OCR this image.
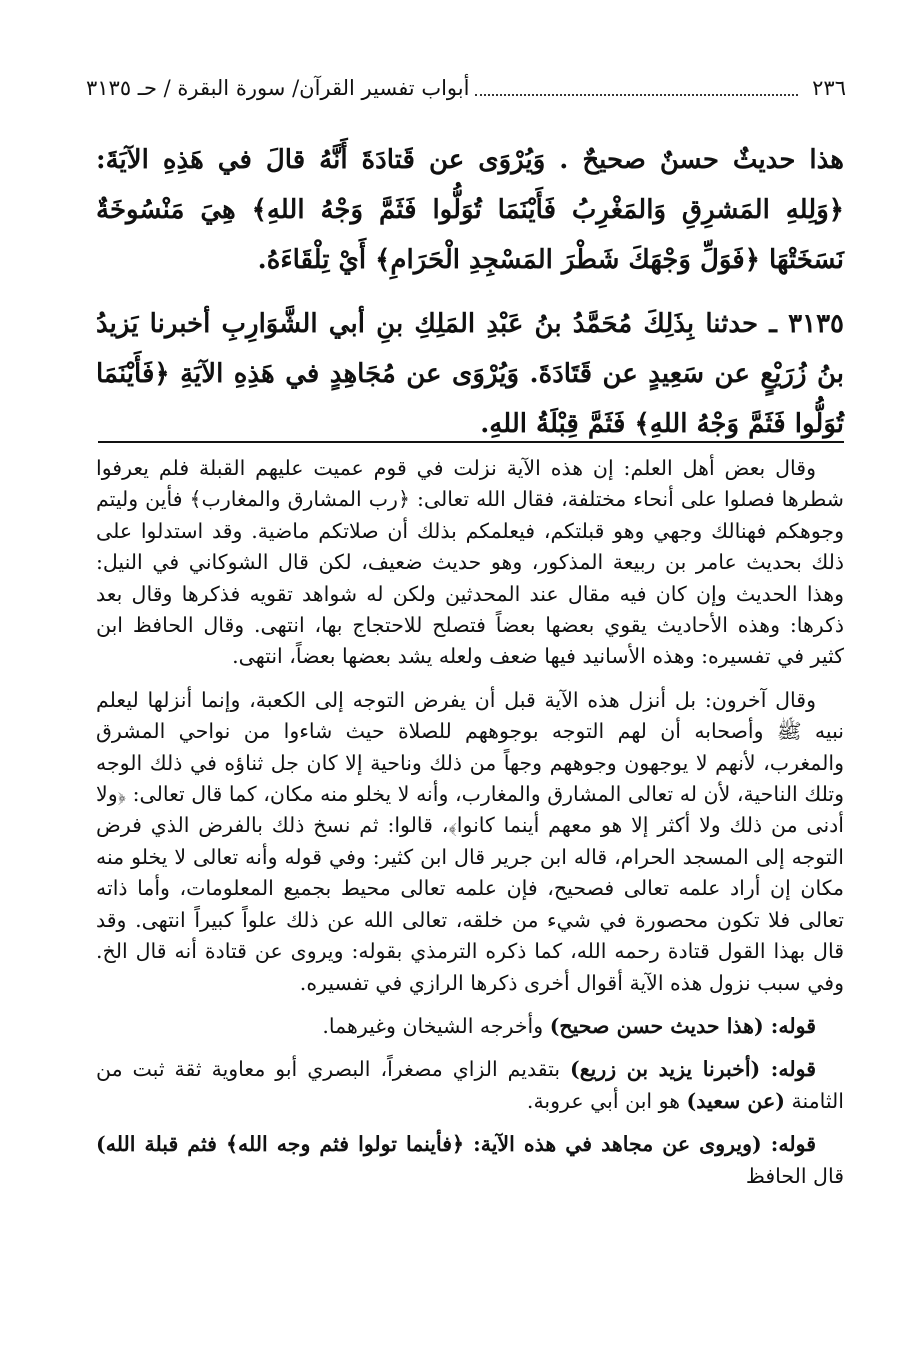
٢٣٦
أبواب تفسير القرآن/ سورة البقرة / حـ ٣١٣٥

هذا حديثٌ حسنٌ صحيحٌ . وَيُرْوَى عن قَتادَةَ أَنَّهُ قالَ في هَذِهِ الآيَةَ: ﴿وَلِلهِ المَشرِقِ وَالمَغْرِبُ فَأَيْنَمَا تُوَلُّوا فَثَمَّ وَجْهُ اللهِ﴾ هِيَ مَنْسُوخَةٌ نَسَخَتْهَا ﴿فَوَلِّ وَجْهَكَ شَطْرَ المَسْجِدِ الْحَرَامِ﴾ أَيْ تِلْقَاءَهُ.

٣١٣٥ ـ حدثنا بِذَلِكَ مُحَمَّدُ بنُ عَبْدِ المَلِكِ بنِ أبي الشَّوَارِبِ أخبرنا يَزيدُ بنُ زُرَيْعٍ عن سَعِيدٍ عن قَتَادَةَ. وَيُرْوَى عن مُجَاهِدٍ في هَذِهِ الآيَةِ ﴿فَأَيْنَمَا تُوَلُّوا فَثَمَّ وَجْهُ اللهِ﴾ فَثَمَّ قِبْلَةُ اللهِ.

وقال بعض أهل العلم: إن هذه الآية نزلت في قوم عميت عليهم القبلة فلم يعرفوا شطرها فصلوا على أنحاء مختلفة، فقال الله تعالى: ﴿رب المشارق والمغارب﴾ فأين وليتم وجوهكم فهنالك وجهي وهو قبلتكم، فيعلمكم بذلك أن صلاتكم ماضية. وقد استدلوا على ذلك بحديث عامر بن ربيعة المذكور، وهو حديث ضعيف، لكن قال الشوكاني في النيل: وهذا الحديث وإن كان فيه مقال عند المحدثين ولكن له شواهد تقويه فذكرها وقال بعد ذكرها: وهذه الأحاديث يقوي بعضها بعضاً فتصلح للاحتجاج بها، انتهى. وقال الحافظ ابن كثير في تفسيره: وهذه الأسانيد فيها ضعف ولعله يشد بعضها بعضاً، انتهى.

وقال آخرون: بل أنزل هذه الآية قبل أن يفرض التوجه إلى الكعبة، وإنما أنزلها ليعلم نبيه ﷺ وأصحابه أن لهم التوجه بوجوههم للصلاة حيث شاءوا من نواحي المشرق والمغرب، لأنهم لا يوجهون وجوههم وجهاً من ذلك وناحية إلا كان جل ثناؤه في ذلك الوجه وتلك الناحية، لأن له تعالى المشارق والمغارب، وأنه لا يخلو منه مكان، كما قال تعالى: ﴿ولا أدنى من ذلك ولا أكثر إلا هو معهم أينما كانوا﴾، قالوا: ثم نسخ ذلك بالفرض الذي فرض التوجه إلى المسجد الحرام، قاله ابن جرير قال ابن كثير: وفي قوله وأنه تعالى لا يخلو منه مكان إن أراد علمه تعالى فصحيح، فإن علمه تعالى محيط بجميع المعلومات، وأما ذاته تعالى فلا تكون محصورة في شيء من خلقه، تعالى الله عن ذلك علواً كبيراً انتهى. وقد قال بهذا القول قتادة رحمه الله، كما ذكره الترمذي بقوله: ويروى عن قتادة أنه قال الخ. وفي سبب نزول هذه الآية أقوال أخرى ذكرها الرازي في تفسيره.

قوله: (هذا حديث حسن صحيح) وأخرجه الشيخان وغيرهما.

قوله: (أخبرنا يزيد بن زريع) بتقديم الزاي مصغراً، البصري أبو معاوية ثقة ثبت من الثامنة (عن سعيد) هو ابن أبي عروبة.

قوله: (ويروى عن مجاهد في هذه الآية: ﴿فأينما تولوا فثم وجه الله﴾ فثم قبلة الله) قال الحافظ
